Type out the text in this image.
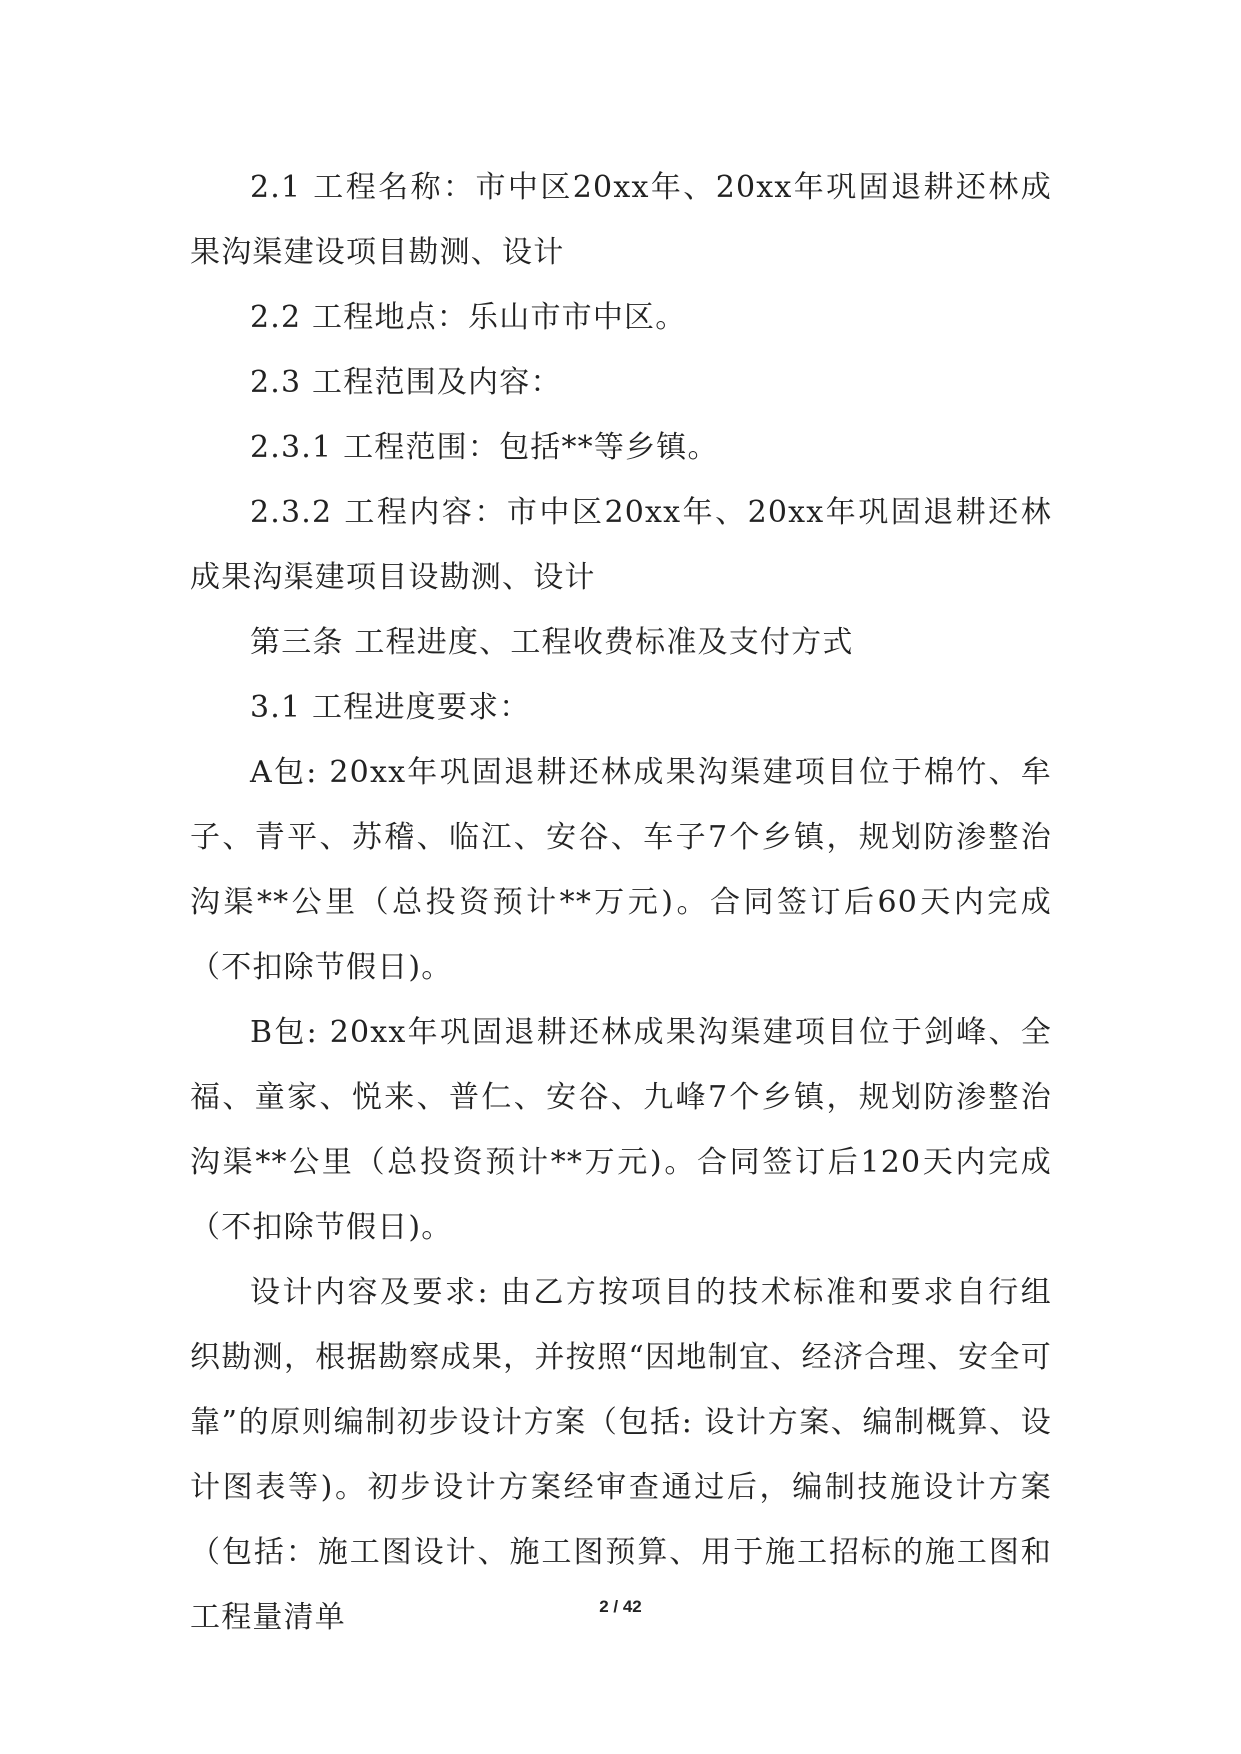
2.1 工程名称：市中区20xx年、20xx年巩固退耕还林成果沟渠建设项目勘测、设计

2.2 工程地点：乐山市市中区。

2.3 工程范围及内容：

2.3.1 工程范围：包括**等乡镇。

2.3.2 工程内容：市中区20xx年、20xx年巩固退耕还林成果沟渠建项目设勘测、设计

第三条 工程进度、工程收费标准及支付方式

3.1 工程进度要求：

A包: 20xx年巩固退耕还林成果沟渠建项目位于棉竹、牟子、青平、苏稽、临江、安谷、车子7个乡镇，规划防渗整治沟渠**公里（总投资预计**万元)。合同签订后60天内完成（不扣除节假日)。

B包: 20xx年巩固退耕还林成果沟渠建项目位于剑峰、全福、童家、悦来、普仁、安谷、九峰7个乡镇，规划防渗整治沟渠**公里（总投资预计**万元)。合同签订后120天内完成（不扣除节假日)。

设计内容及要求: 由乙方按项目的技术标准和要求自行组织勘测，根据勘察成果，并按照“因地制宜、经济合理、安全可靠”的原则编制初步设计方案（包括: 设计方案、编制概算、设计图表等)。初步设计方案经审查通过后，编制技施设计方案（包括：施工图设计、施工图预算、用于施工招标的施工图和工程量清单	2 / 42
